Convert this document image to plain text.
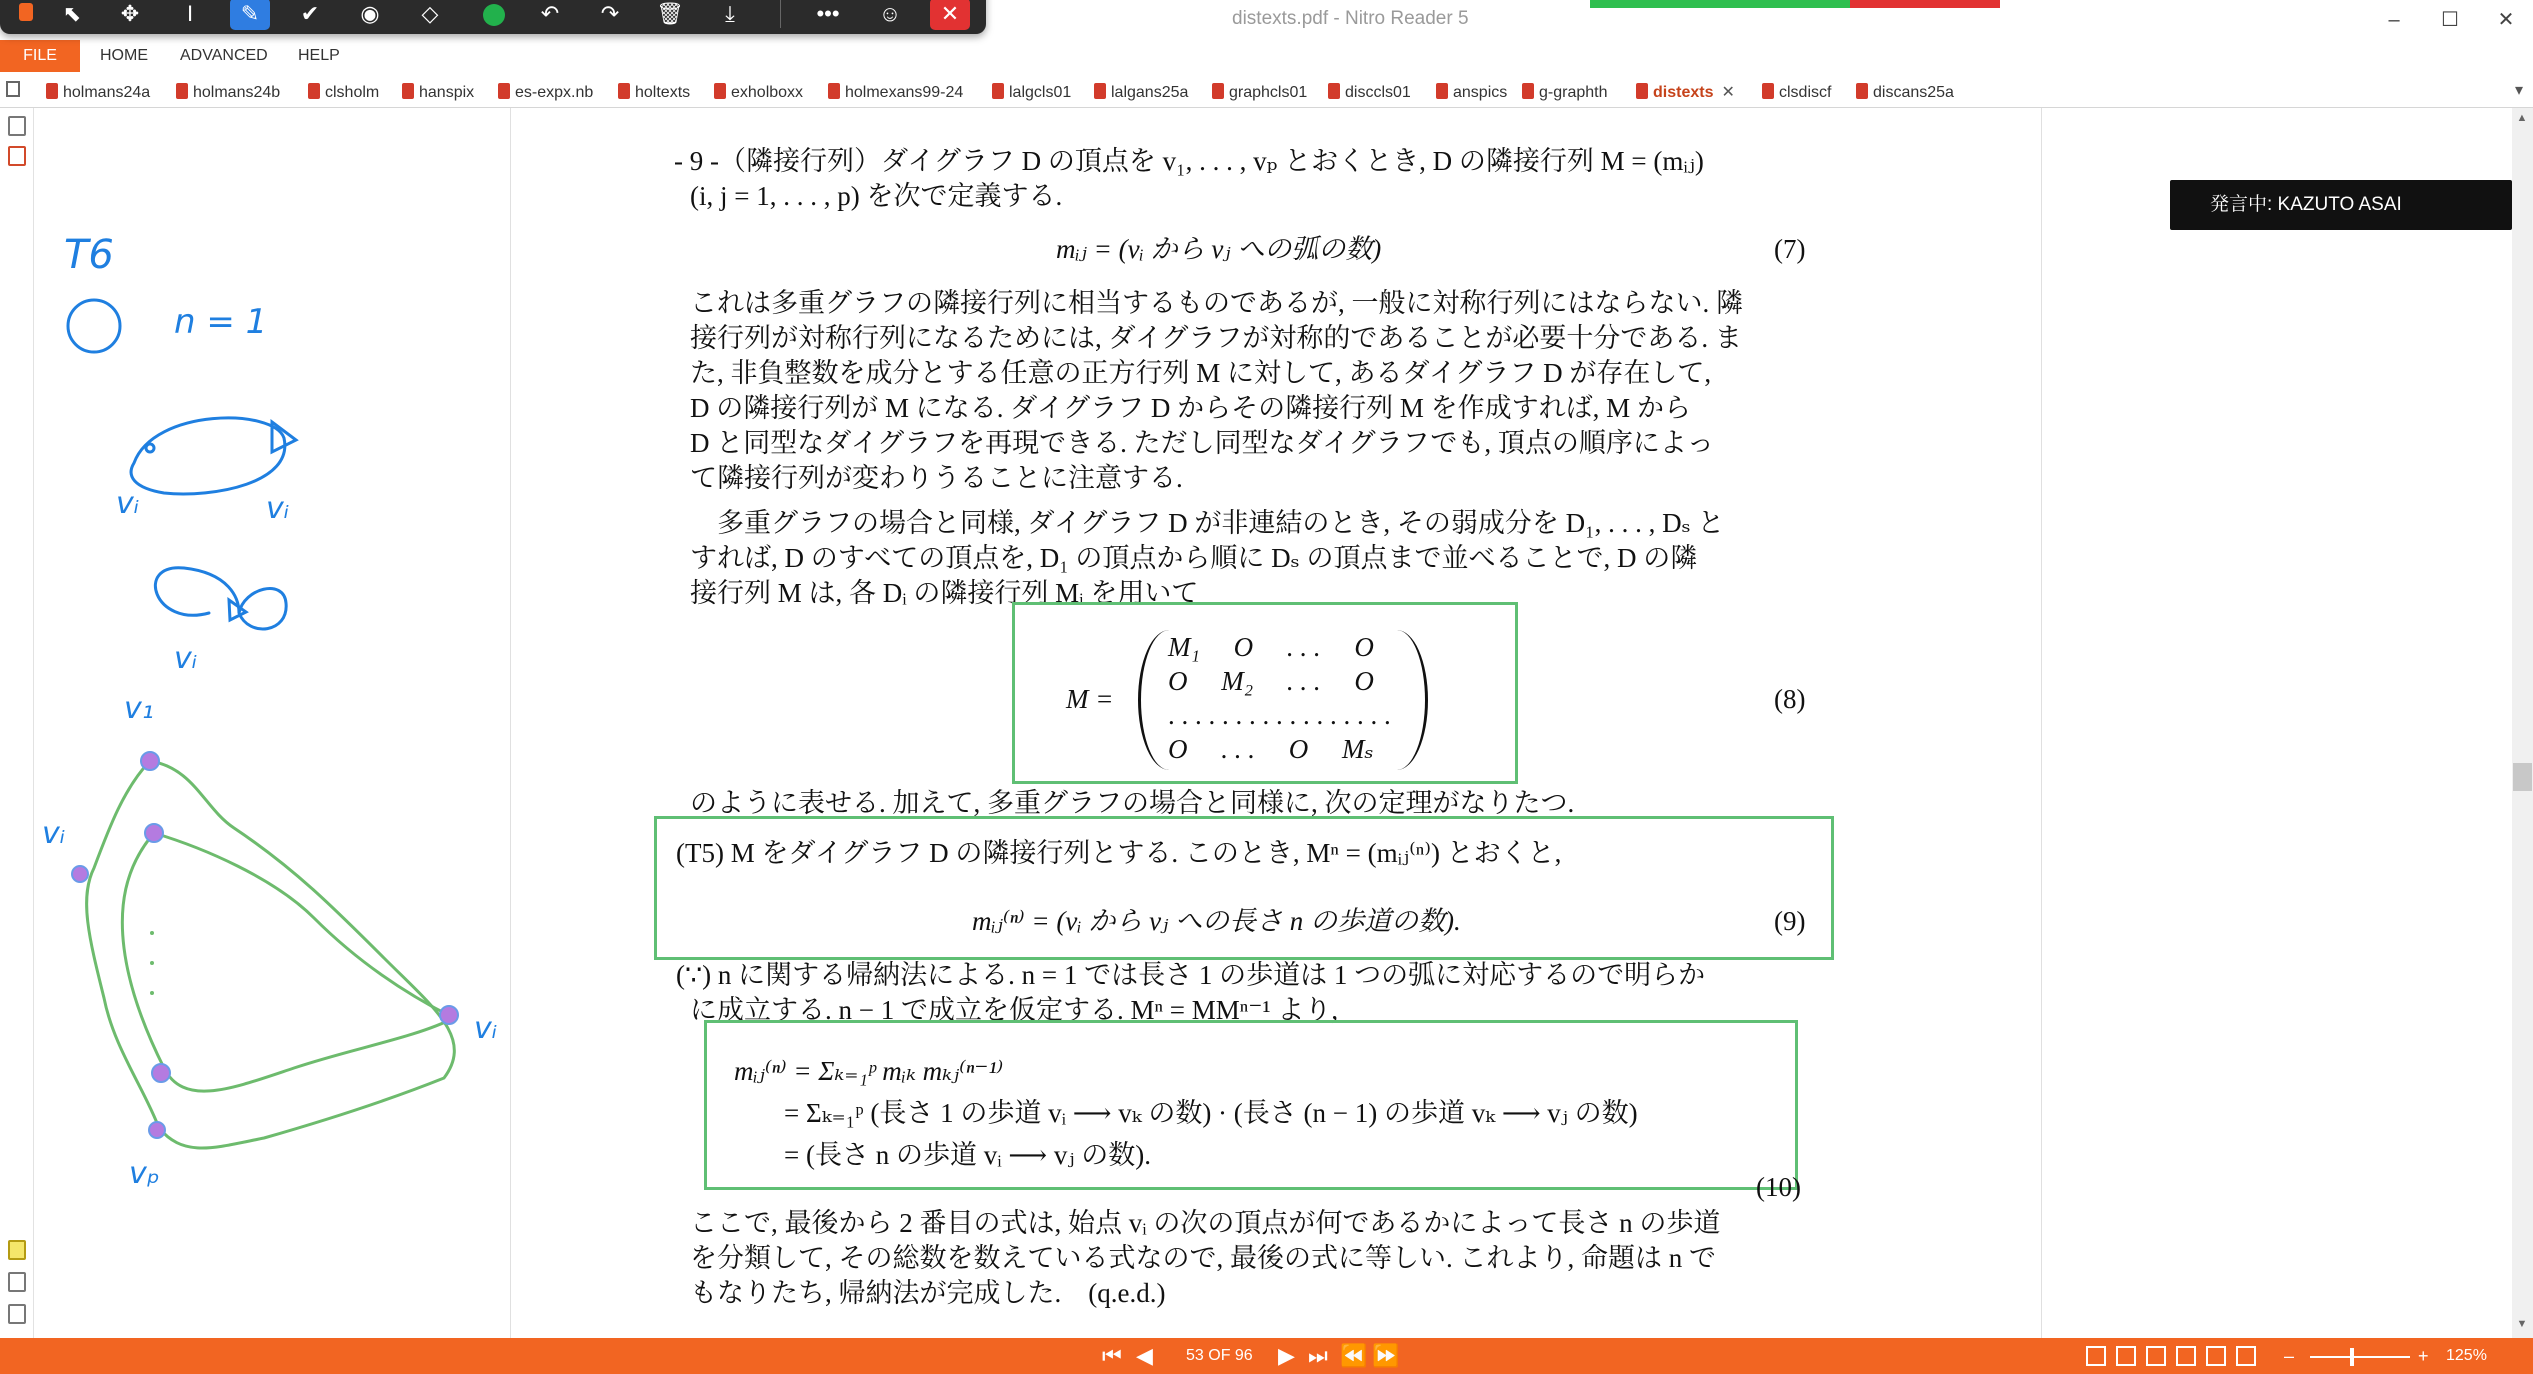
distexts.pdf - Nitro Reader 5	–	☐	✕
FILE	HOME ADVANCED HELP
⬉	✥	I	✎	✔	◉	◇	↶	↷	🗑	⤓	•••	☺	✕
holmans24a	holmans24b	clsholm	hanspix	es-expx.nb	holtexts	exholboxx	holmexans99-24	lalgcls01	lalgans25a	graphcls01	disccls01	anspics	g-graphth	distexts ✕	clsdiscf	discans25a	▾
T6
n = 1
vᵢ	vᵢ
vᵢ
v₁
vᵢ
vᵢ
vₚ
- 9 -（隣接行列）ダイグラフ D の頂点を v₁, . . . , vₚ とおくとき, D の隣接行列 M = (mᵢⱼ)
(i, j = 1, . . . , p) を次で定義する.
mᵢⱼ = (vᵢ から vⱼ への弧の数)	(7)
これは多重グラフの隣接行列に相当するものであるが, 一般に対称行列にはならない. 隣
接行列が対称行列になるためには, ダイグラフが対称的であることが必要十分である. ま
た, 非負整数を成分とする任意の正方行列 M に対して, あるダイグラフ D が存在して,
D の隣接行列が M になる. ダイグラフ D からその隣接行列 M を作成すれば, M から
D と同型なダイグラフを再現できる. ただし同型なダイグラフでも, 頂点の順序によっ
て隣接行列が変わりうることに注意する.
　多重グラフの場合と同様, ダイグラフ D が非連結のとき, その弱成分を D₁, . . . , Dₛ と
すれば, D のすべての頂点を, D₁ の頂点から順に Dₛ の頂点まで並べることで, D の隣
接行列 M は, 各 Dᵢ の隣接行列 Mᵢ を用いて
M =
M₁　 O　 . . .　 O
O　 M₂　 . . .　 O
. . . . . . . . . . . . . . . . .
O　 . . .　 O　 Mₛ
(8)
のように表せる. 加えて, 多重グラフの場合と同様に, 次の定理がなりたつ.
(T5) M をダイグラフ D の隣接行列とする. このとき, Mⁿ = (mᵢⱼ⁽ⁿ⁾) とおくと,
mᵢⱼ⁽ⁿ⁾ = (vᵢ から vⱼ への長さ n の歩道の数).	(9)
(∵) n に関する帰納法による. n = 1 では長さ 1 の歩道は 1 つの弧に対応するので明らか
に成立する. n − 1 で成立を仮定する. Mⁿ = MMⁿ⁻¹ より,
mᵢⱼ⁽ⁿ⁾ = Σₖ₌₁ᵖ mᵢₖ mₖⱼ⁽ⁿ⁻¹⁾
= Σₖ₌₁ᵖ (長さ 1 の歩道 vᵢ ⟶ vₖ の数) · (長さ (n − 1) の歩道 vₖ ⟶ vⱼ の数)
= (長さ n の歩道 vᵢ ⟶ vⱼ の数).
(10)
ここで, 最後から 2 番目の式は, 始点 vᵢ の次の頂点が何であるかによって長さ n の歩道
を分類して, その総数を数えている式なので, 最後の式に等しい. これより, 命題は n で
もなりたち, 帰納法が完成した.　(q.e.d.)
発言中: KAZUTO ASAI
▲
▼
⏮ ◀ 53 OF 96 ▶ ⏭ ⏪ ⏩	–	+ 125%
